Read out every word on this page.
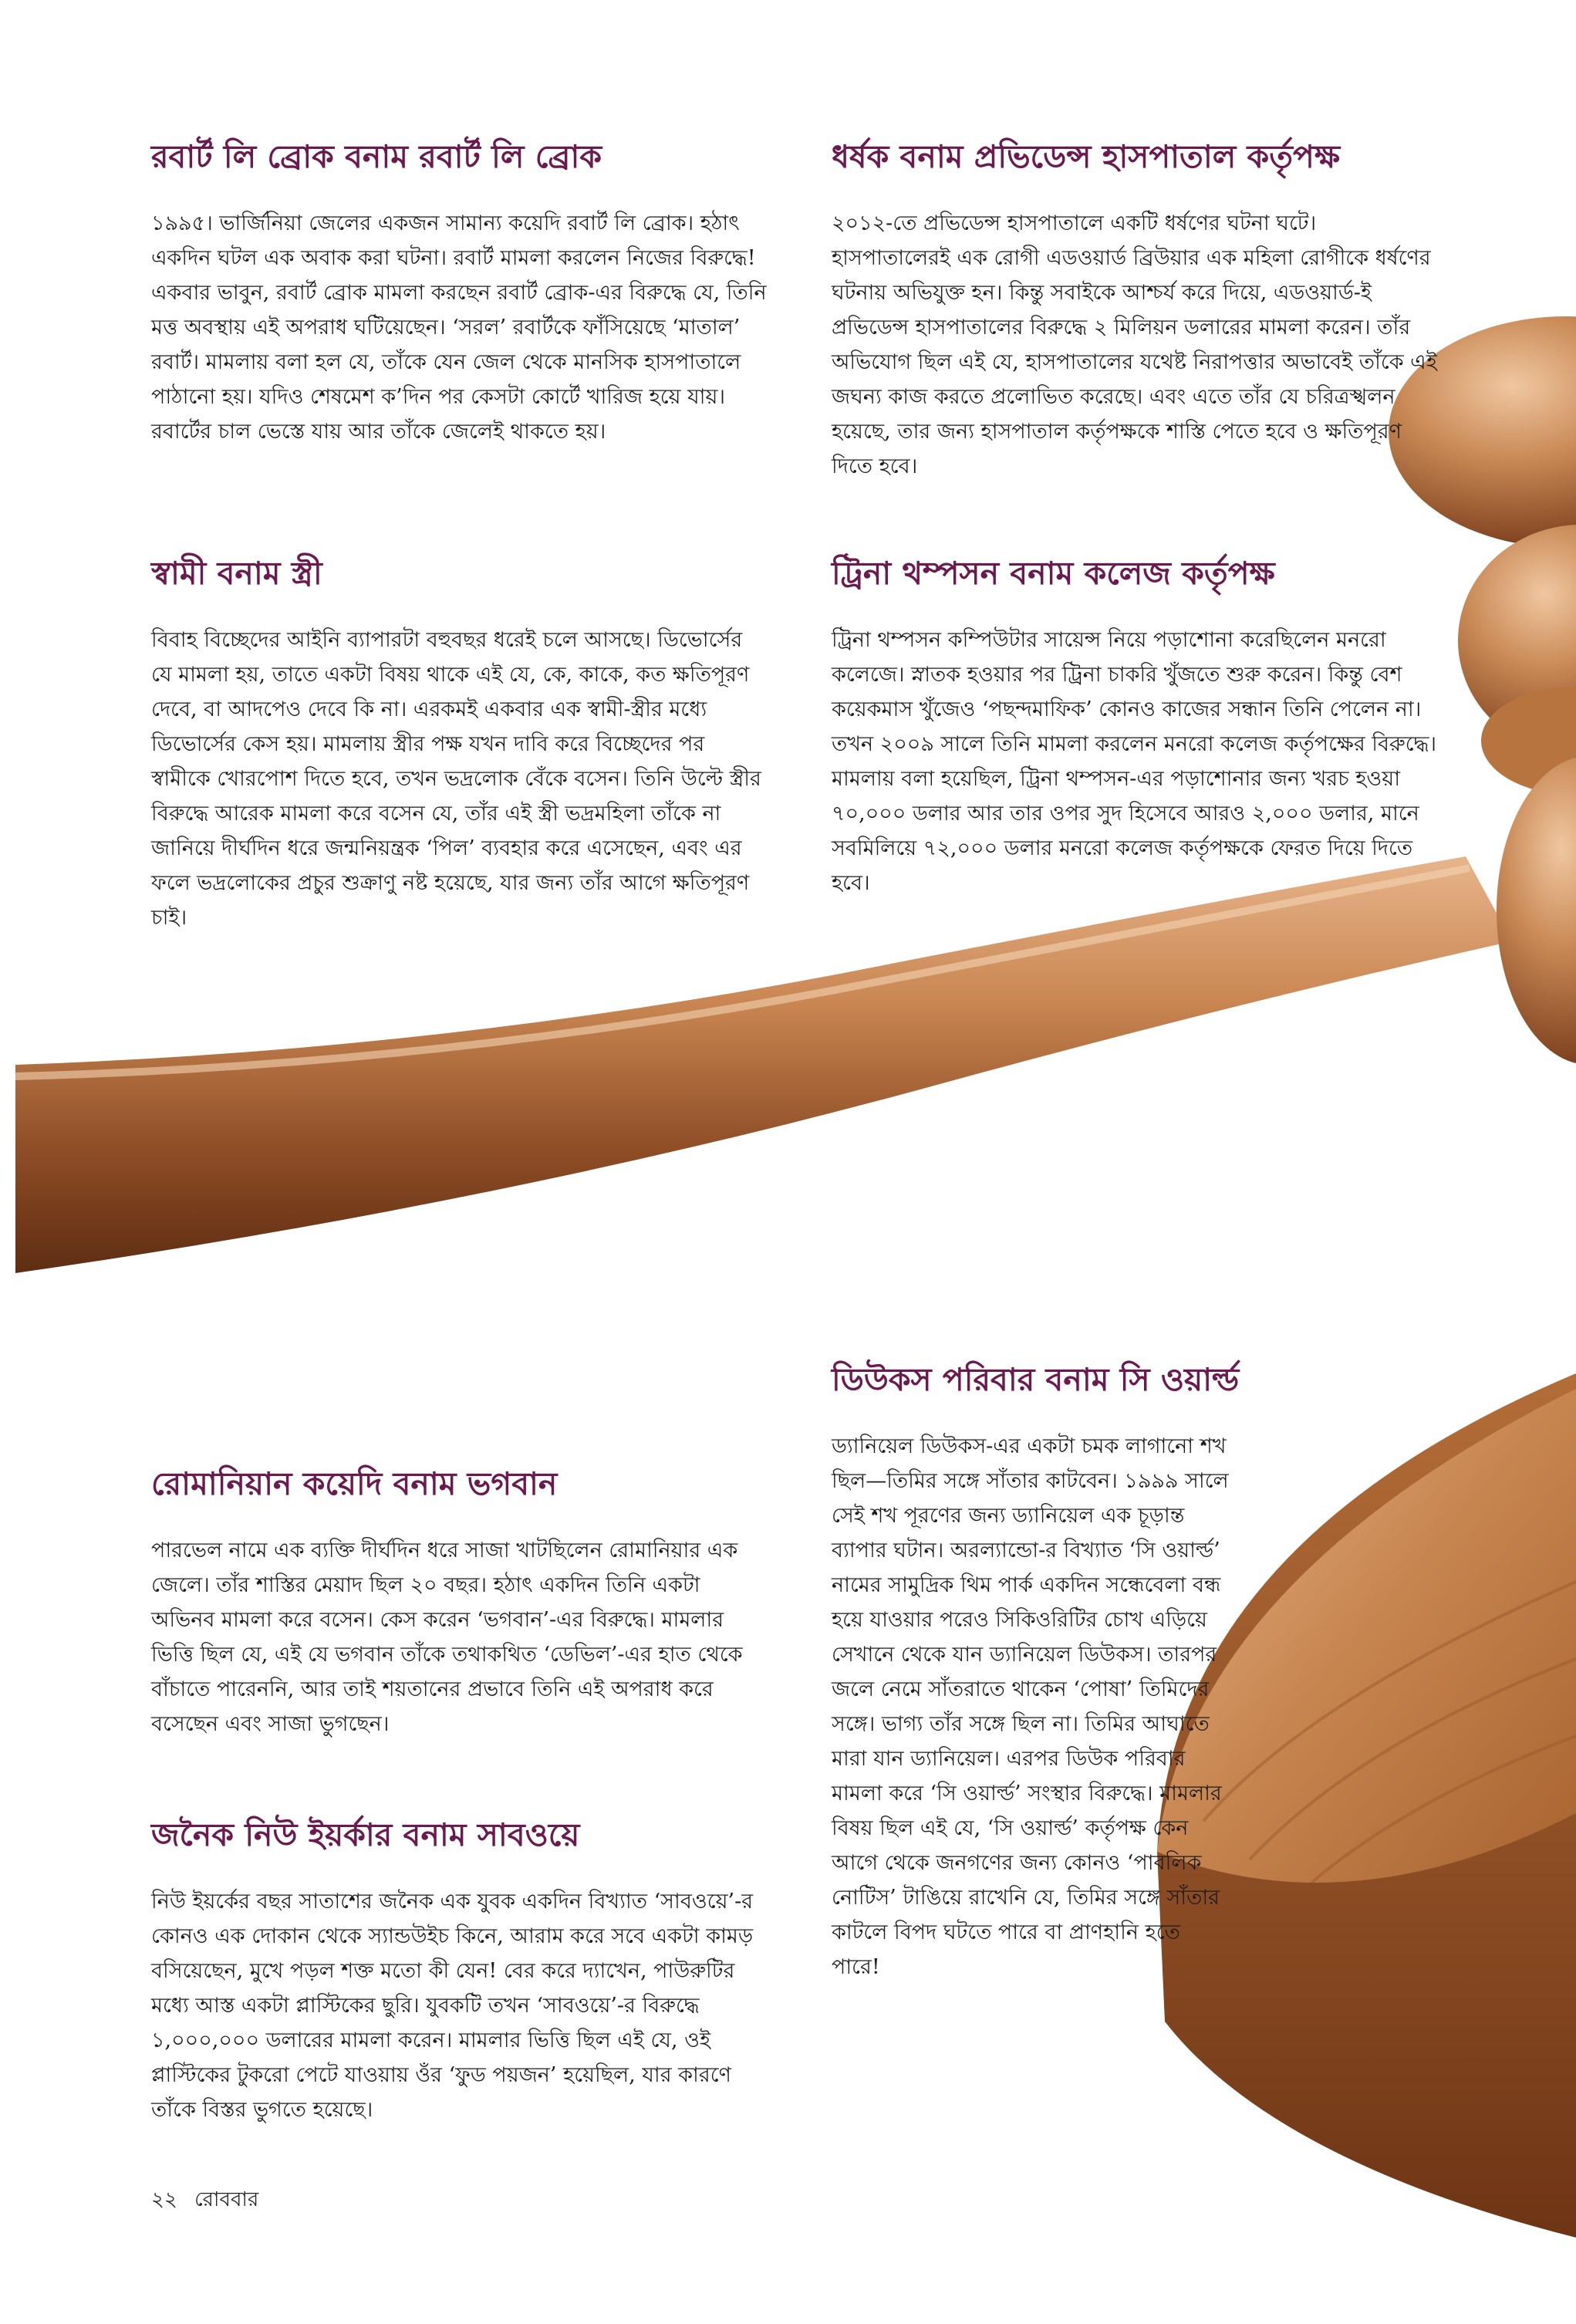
রবার্ট লি ব্রোক বনাম রবার্ট লি ব্রোক

১৯৯৫। ভার্জিনিয়া জেলের একজন সামান্য কয়েদি রবার্ট লি ব্রোক। হঠাৎ একদিন ঘটল এক অবাক করা ঘটনা। রবার্ট মামলা করলেন নিজের বিরুদ্ধে! একবার ভাবুন, রবার্ট ব্রোক মামলা করছেন রবার্ট ব্রোক-এর বিরুদ্ধে যে, তিনি মত্ত অবস্থায় এই অপরাধ ঘটিয়েছেন। ‘সরল’ রবার্টকে ফাঁসিয়েছে ‘মাতাল’ রবার্ট। মামলায় বলা হল যে, তাঁকে যেন জেল থেকে মানসিক হাসপাতালে পাঠানো হয়। যদিও শেষমেশ ক’দিন পর কেসটা কোর্টে খারিজ হয়ে যায়। রবার্টের চাল ভেস্তে যায় আর তাঁকে জেলেই থাকতে হয়।

স্বামী বনাম স্ত্রী

বিবাহ বিচ্ছেদের আইনি ব্যাপারটা বহুবছর ধরেই চলে আসছে। ডিভোর্সের যে মামলা হয়, তাতে একটা বিষয় থাকে এই যে, কে, কাকে, কত ক্ষতিপূরণ দেবে, বা আদপেও দেবে কি না। এরকমই একবার এক স্বামী-স্ত্রীর মধ্যে ডিভোর্সের কেস হয়। মামলায় স্ত্রীর পক্ষ যখন দাবি করে বিচ্ছেদের পর স্বামীকে খোরপোশ দিতে হবে, তখন ভদ্রলোক বেঁকে বসেন। তিনি উল্টে স্ত্রীর বিরুদ্ধে আরেক মামলা করে বসেন যে, তাঁর এই স্ত্রী ভদ্রমহিলা তাঁকে না জানিয়ে দীর্ঘদিন ধরে জন্মনিয়ন্ত্রক ‘পিল’ ব্যবহার করে এসেছেন, এবং এর ফলে ভদ্রলোকের প্রচুর শুক্রাণু নষ্ট হয়েছে, যার জন্য তাঁর আগে ক্ষতিপূরণ চাই।

ধর্ষক বনাম প্রভিডেন্স হাসপাতাল কর্তৃপক্ষ

২০১২-তে প্রভিডেন্স হাসপাতালে একটি ধর্ষণের ঘটনা ঘটে। হাসপাতালেরই এক রোগী এডওয়ার্ড ব্রিউয়ার এক মহিলা রোগীকে ধর্ষণের ঘটনায় অভিযুক্ত হন। কিন্তু সবাইকে আশ্চর্য করে দিয়ে, এডওয়ার্ড-ই প্রভিডেন্স হাসপাতালের বিরুদ্ধে ২ মিলিয়ন ডলারের মামলা করেন। তাঁর অভিযোগ ছিল এই যে, হাসপাতালের যথেষ্ট নিরাপত্তার অভাবেই তাঁকে এই জঘন্য কাজ করতে প্রলোভিত করেছে। এবং এতে তাঁর যে চরিত্রস্খলন হয়েছে, তার জন্য হাসপাতাল কর্তৃপক্ষকে শাস্তি পেতে হবে ও ক্ষতিপূরণ দিতে হবে।

ট্রিনা থম্পসন বনাম কলেজ কর্তৃপক্ষ

ট্রিনা থম্পসন কম্পিউটার সায়েন্স নিয়ে পড়াশোনা করেছিলেন মনরো কলেজে। স্নাতক হওয়ার পর ট্রিনা চাকরি খুঁজতে শুরু করেন। কিন্তু বেশ কয়েকমাস খুঁজেও ‘পছন্দমাফিক’ কোনও কাজের সন্ধান তিনি পেলেন না। তখন ২০০৯ সালে তিনি মামলা করলেন মনরো কলেজ কর্তৃপক্ষের বিরুদ্ধে। মামলায় বলা হয়েছিল, ট্রিনা থম্পসন-এর পড়াশোনার জন্য খরচ হওয়া ৭০,০০০ ডলার আর তার ওপর সুদ হিসেবে আরও ২,০০০ ডলার, মানে সবমিলিয়ে ৭২,০০০ ডলার মনরো কলেজ কর্তৃপক্ষকে ফেরত দিয়ে দিতে হবে।

ডিউকস পরিবার বনাম সি ওয়ার্ল্ড

ড্যানিয়েল ডিউকস-এর একটা চমক লাগানো শখ ছিল—তিমির সঙ্গে সাঁতার কাটবেন। ১৯৯৯ সালে সেই শখ পূরণের জন্য ড্যানিয়েল এক চূড়ান্ত ব্যাপার ঘটান। অরল্যান্ডো-র বিখ্যাত ‘সি ওয়ার্ল্ড’ নামের সামুদ্রিক থিম পার্ক একদিন সন্ধেবেলা বন্ধ হয়ে যাওয়ার পরেও সিকিওরিটির চোখ এড়িয়ে সেখানে থেকে যান ড্যানিয়েল ডিউকস। তারপর জলে নেমে সাঁতরাতে থাকেন ‘পোষা’ তিমিদের সঙ্গে। ভাগ্য তাঁর সঙ্গে ছিল না। তিমির আঘাতে মারা যান ড্যানিয়েল। এরপর ডিউক পরিবার মামলা করে ‘সি ওয়ার্ল্ড’ সংস্থার বিরুদ্ধে। মামলার বিষয় ছিল এই যে, ‘সি ওয়ার্ল্ড’ কর্তৃপক্ষ কেন আগে থেকে জনগণের জন্য কোনও ‘পাবলিক নোটিস’ টাঙিয়ে রাখেনি যে, তিমির সঙ্গে সাঁতার কাটলে বিপদ ঘটতে পারে বা প্রাণহানি হতে পারে!

রোমানিয়ান কয়েদি বনাম ভগবান

পারভেল নামে এক ব্যক্তি দীর্ঘদিন ধরে সাজা খাটছিলেন রোমানিয়ার এক জেলে। তাঁর শাস্তির মেয়াদ ছিল ২০ বছর। হঠাৎ একদিন তিনি একটা অভিনব মামলা করে বসেন। কেস করেন ‘ভগবান’-এর বিরুদ্ধে। মামলার ভিত্তি ছিল যে, এই যে ভগবান তাঁকে তথাকথিত ‘ডেভিল’-এর হাত থেকে বাঁচাতে পারেননি, আর তাই শয়তানের প্রভাবে তিনি এই অপরাধ করে বসেছেন এবং সাজা ভুগছেন।

জনৈক নিউ ইয়র্কার বনাম সাবওয়ে

নিউ ইয়র্কের বছর সাতাশের জনৈক এক যুবক একদিন বিখ্যাত ‘সাবওয়ে’-র কোনও এক দোকান থেকে স্যান্ডউইচ কিনে, আরাম করে সবে একটা কামড় বসিয়েছেন, মুখে পড়ল শক্ত মতো কী যেন! বের করে দ্যাখেন, পাউরুটির মধ্যে আস্ত একটা প্লাস্টিকের ছুরি। যুবকটি তখন ‘সাবওয়ে’-র বিরুদ্ধে ১,০০০,০০০ ডলারের মামলা করেন। মামলার ভিত্তি ছিল এই যে, ওই প্লাস্টিকের টুকরো পেটে যাওয়ায় ওঁর ‘ফুড পয়জন’ হয়েছিল, যার কারণে তাঁকে বিস্তর ভুগতে হয়েছে।

২২ রোববার
